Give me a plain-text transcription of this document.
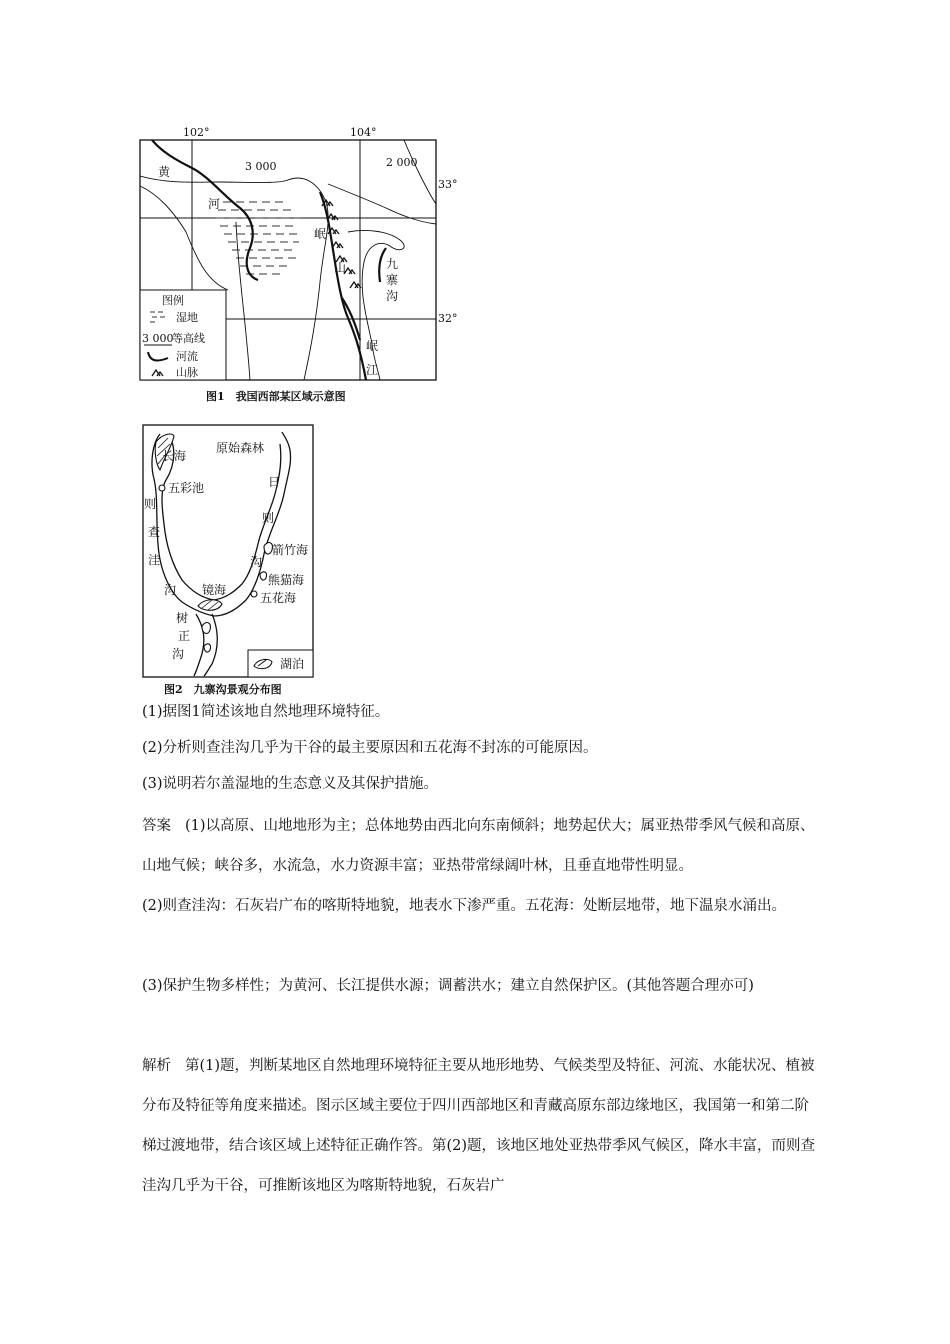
102°	104°
33°
32°
3 000	2 000
黄
河
岷
山	九
寨
沟
岷
江
图例
湿地
3 000
等高线
河流
山脉
图1　我国西部某区域示意图
长海
五彩池
原始森林
则
查
洼
沟
日
则
沟
箭竹海
熊猫海
五花海
镜海
树
正
沟
湖泊
图2　九寨沟景观分布图

(1)据图1简述该地自然地理环境特征。

(2)分析则查洼沟几乎为干谷的最主要原因和五花海不封冻的可能原因。

(3)说明若尔盖湿地的生态意义及其保护措施。

答案 (1)以高原、山地地形为主；总体地势由西北向东南倾斜；地势起伏大；属亚热带季风气候和高原、山地气候；峡谷多，水流急，水力资源丰富；亚热带常绿阔叶林，且垂直地带性明显。

(2)则查洼沟：石灰岩广布的喀斯特地貌，地表水下渗严重。五花海：处断层地带，地下温泉水涌出。

(3)保护生物多样性；为黄河、长江提供水源；调蓄洪水；建立自然保护区。(其他答题合理亦可)

解析 第(1)题，判断某地区自然地理环境特征主要从地形地势、气候类型及特征、河流、水能状况、植被分布及特征等角度来描述。图示区域主要位于四川西部地区和青藏高原东部边缘地区，我国第一和第二阶梯过渡地带，结合该区域上述特征正确作答。第(2)题，该地区地处亚热带季风气候区，降水丰富，而则查洼沟几乎为干谷，可推断该地区为喀斯特地貌，石灰岩广
